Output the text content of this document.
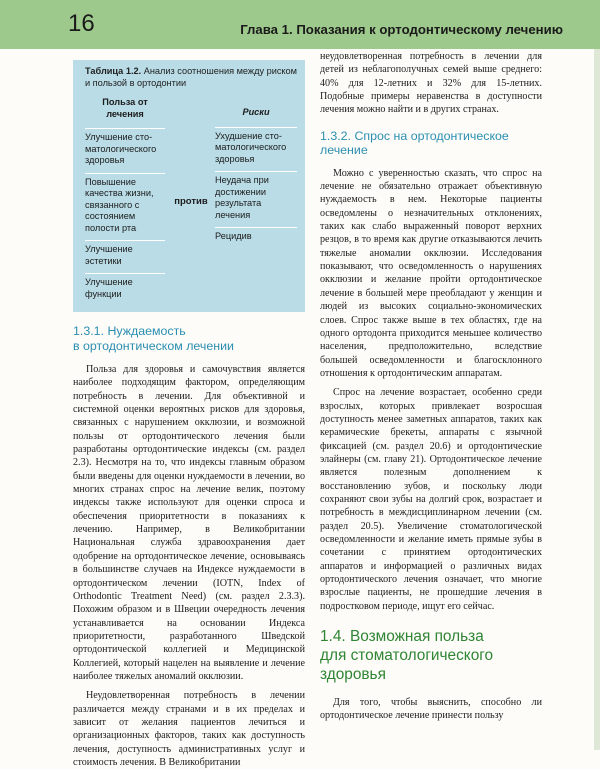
16	Глава 1. Показания к ортодонтическому лечению
Таблица 1.2. Анализ соотношения между риском и пользой в ортодонтии
Польза от лечения
Улучшение сто-матологического здоровья
Повышение качества жизни, связанного с состоянием полости рта
Улучшение эстетики
Улучшение функции
против
Риски
Ухудшение сто-матологического здоровья
Неудача при достижении результата лечения
Рецидив
1.3.1. Нуждаемость
в ортодонтическом лечении

Польза для здоровья и самочувствия является наиболее подходящим фактором, определяющим потребность в лечении. Для объективной и системной оценки вероятных рисков для здоровья, связанных с нарушением окклюзии, и возможной пользы от ортодонтического лечения были разработаны ортодонтические индексы (см. раздел 2.3). Несмотря на то, что индексы главным образом были введены для оценки нуждаемости в лечении, во многих странах спрос на лечение велик, поэтому индексы также используют для оценки спроса и обеспечения приоритетности в показаниях к лечению. Например, в Великобритании Национальная служба здравоохранения дает одобрение на ортодонтическое лечение, основываясь в большинстве случаев на Индексе нуждаемости в ортодонтическом лечении (IOTN, Index of Orthodontic Treatment Need) (см. раздел 2.3.3). Похожим образом и в Швеции очередность лечения устанавливается на основании Индекса приоритетности, разработанного Шведской ортодонтической коллегией и Медицинской Коллегией, который нацелен на выявление и лечение наиболее тяжелых аномалий окклюзии.

Неудовлетворенная потребность в лечении различается между странами и в их пределах и зависит от желания пациентов лечиться и организационных факторов, таких как доступность лечения, доступность административных услуг и стоимость лечения. В Великобритании

неудовлетворенная потребность в лечении для детей из неблагополучных семей выше среднего: 40% для 12-летних и 32% для 15-летних. Подобные примеры неравенства в доступности лечения можно найти и в других странах.

1.3.2. Спрос на ортодонтическое
лечение

Можно с уверенностью сказать, что спрос на лечение не обязательно отражает объективную нуждаемость в нем. Некоторые пациенты осведомлены о незначительных отклонениях, таких как слабо выраженный поворот верхних резцов, в то время как другие отказываются лечить тяжелые аномалии окклюзии. Исследования показывают, что осведомленность о нарушениях окклюзии и желание пройти ортодонтическое лечение в большей мере преобладают у женщин и людей из высоких социально-экономических слоев. Спрос также выше в тех областях, где на одного ортодонта приходится меньшее количество населения, предположительно, вследствие большей осведомленности и благосклонного отношения к ортодонтическим аппаратам.

Спрос на лечение возрастает, особенно среди взрослых, которых привлекает возросшая доступность менее заметных аппаратов, таких как керамические брекеты, аппараты с язычной фиксацией (см. раздел 20.6) и ортодонтические элайнеры (см. главу 21). Ортодонтическое лечение является полезным дополнением к восстановлению зубов, и поскольку люди сохраняют свои зубы на долгий срок, возрастает и потребность в междисциплинарном лечении (см. раздел 20.5). Увеличение стоматологической осведомленности и желание иметь прямые зубы в сочетании с принятием ортодонтических аппаратов и информацией о различных видах ортодонтического лечения означает, что многие взрослые пациенты, не прошедшие лечения в подростковом периоде, ищут его сейчас.

1.4. Возможная польза
для стоматологического
здоровья

Для того, чтобы выяснить, способно ли ортодонтическое лечение принести пользу
